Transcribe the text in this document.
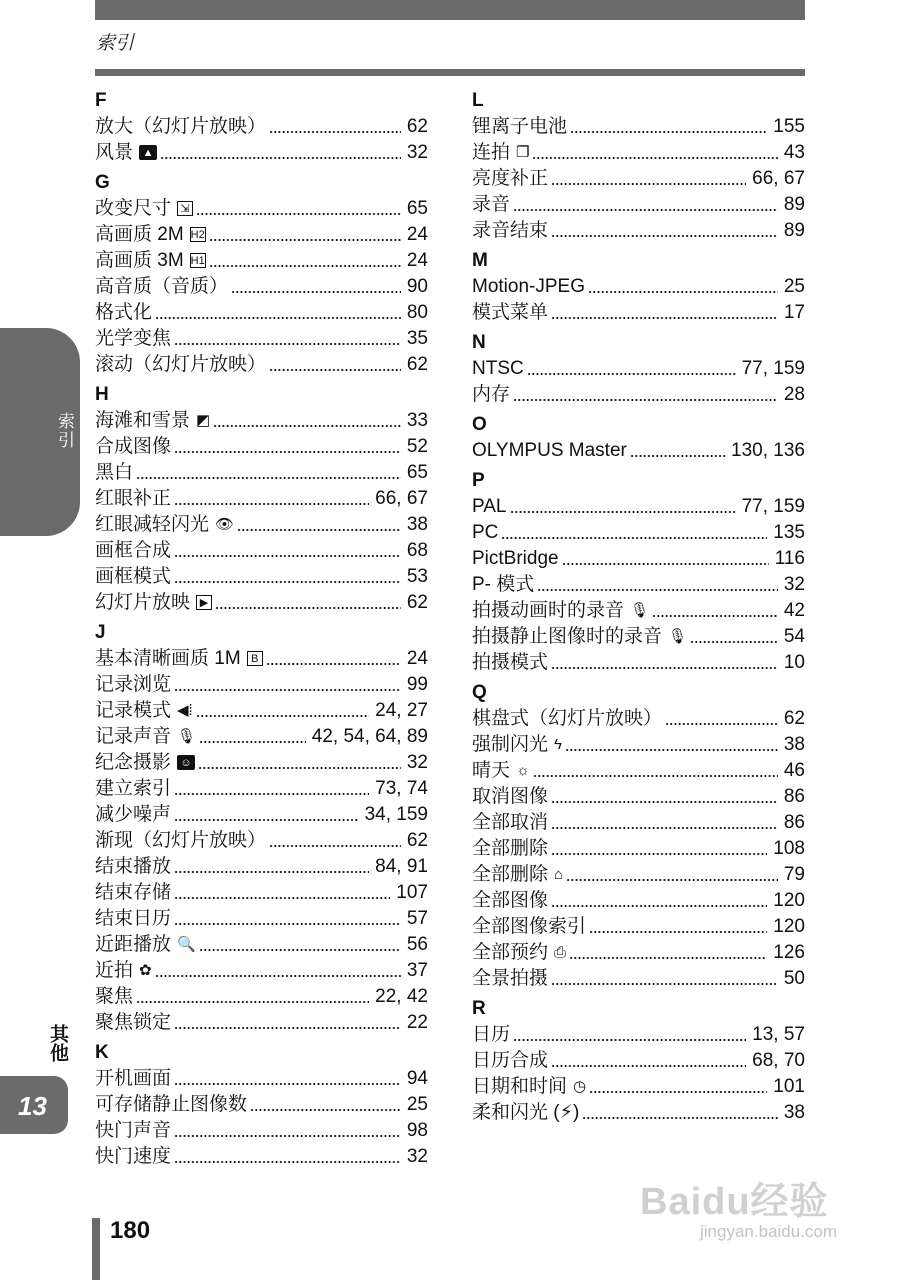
索引
F
放大（幻灯片放映）	62
风景 ▲	32
G
改变尺寸 ⇲	65
高画质 2M H2	24
高画质 3M H1	24
高音质（音质）	90
格式化	80
光学变焦	35
滚动（幻灯片放映）	62
H
海滩和雪景 ◩	33
合成图像	52
黑白	65
红眼补正	66, 67
红眼减轻闪光 👁	38
画框合成	68
画框模式	53
幻灯片放映 ▶	62
J
基本清晰画质 1M B	24
记录浏览	99
记录模式 ◀⁞	24, 27
记录声音 🎙	42, 54, 64, 89
纪念摄影 ☺	32
建立索引	73, 74
减少噪声	34, 159
渐现（幻灯片放映）	62
结束播放	84, 91
结束存储	107
结束日历	57
近距播放 🔍	56
近拍 ✿	37
聚焦	22, 42
聚焦锁定	22
K
开机画面	94
可存储静止图像数	25
快门声音	98
快门速度	32
L
锂离子电池	155
连拍 ❐	43
亮度补正	66, 67
录音	89
录音结束	89
M
Motion-JPEG	25
模式菜单	17
N
NTSC	77, 159
内存	28
O
OLYMPUS Master	130, 136
P
PAL	77, 159
PC	135
PictBridge	116
P- 模式	32
拍摄动画时的录音 🎙	42
拍摄静止图像时的录音 🎙	54
拍摄模式	10
Q
棋盘式（幻灯片放映）	62
强制闪光 ϟ	38
晴天 ☼	46
取消图像	86
全部取消	86
全部删除	108
全部删除 ⌂	79
全部图像	120
全部图像索引	120
全部预约 ⎙	126
全景拍摄	50
R
日历	13, 57
日历合成	68, 70
日期和时间 ◷	101
柔和闪光 (⚡)	38
索引
其他
13
180
Baidu经验
jingyan.baidu.com
